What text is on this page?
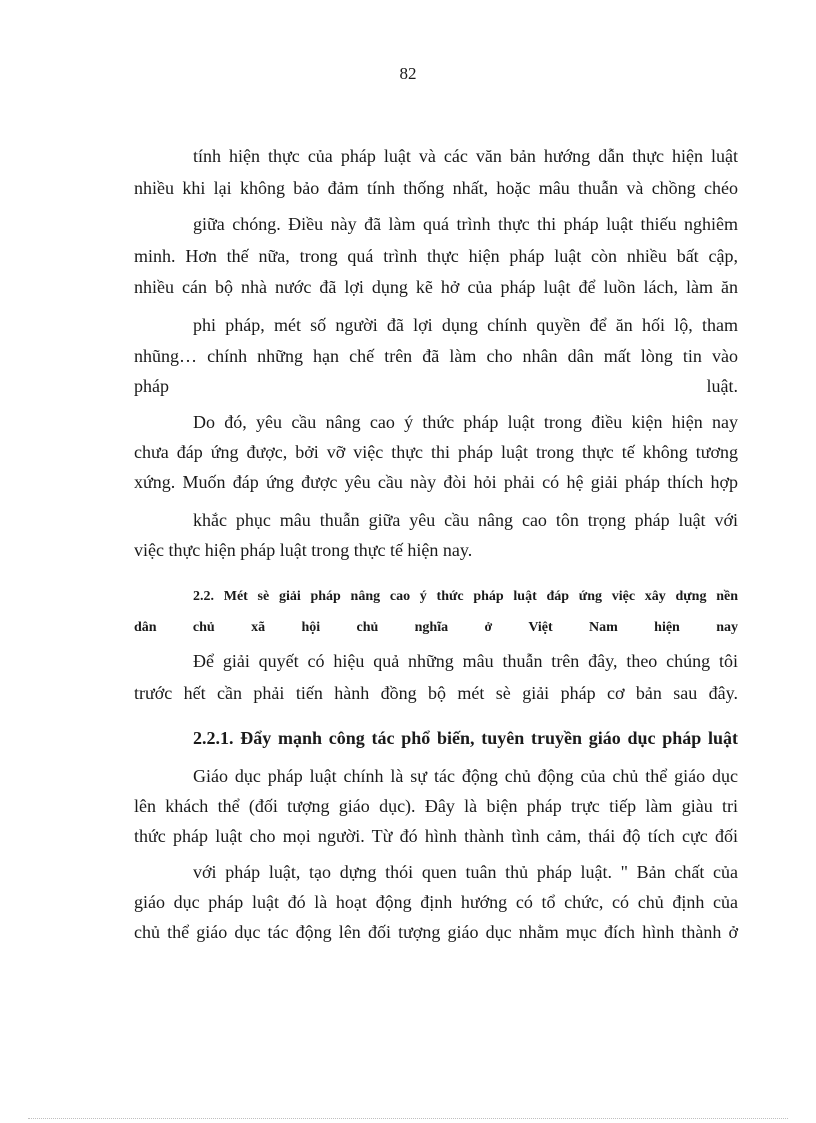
82
tính hiện thực của pháp luật và các văn bản hướng dẫn thực hiện luật
nhiều khi lại không bảo đảm tính thống nhất, hoặc mâu thuẫn và chồng chéo
giữa chóng. Điều này đã làm quá trình thực thi pháp luật thiếu nghiêm
minh. Hơn thế nữa, trong quá trình thực hiện pháp luật còn nhiều bất cập,
nhiều cán bộ nhà nước đã lợi dụng kẽ hở của pháp luật để luồn lách, làm ăn
phi pháp, mét số người đã lợi dụng chính quyền để ăn hối lộ, tham
nhũng… chính những hạn chế trên đã làm cho nhân dân mất lòng tin vào
pháp luật.
Do đó, yêu cầu nâng cao ý thức pháp luật trong điều kiện hiện nay
chưa đáp ứng được, bởi vỡ việc thực thi pháp luật trong thực tế không tương
xứng. Muốn đáp ứng được yêu cầu này đòi hỏi phải có hệ giải pháp thích hợp
khắc phục mâu thuẫn giữa yêu cầu nâng cao tôn trọng pháp luật với
việc thực hiện pháp luật trong thực tế hiện nay.
2.2. Mét sè giải pháp nâng cao ý thức pháp luật đáp ứng việc xây dựng nền
dân chủ xã hội chủ nghĩa ở Việt Nam hiện nay
Để giải quyết có hiệu quả những mâu thuẫn trên đây, theo chúng tôi
trước hết cần phải tiến hành đồng bộ mét sè giải pháp cơ bản sau đây.
2.2.1. Đẩy mạnh công tác phổ biến, tuyên truyền giáo dục pháp luật
Giáo dục pháp luật chính là sự tác động chủ động của chủ thể giáo dục
lên khách thể (đối tượng giáo dục). Đây là biện pháp trực tiếp làm giàu tri
thức pháp luật cho mọi người. Từ đó hình thành tình cảm, thái độ tích cực đối
với pháp luật, tạo dựng thói quen tuân thủ pháp luật. " Bản chất của
giáo dục pháp luật đó là hoạt động định hướng có tổ chức, có chủ định của
chủ thể giáo dục tác động lên đối tượng giáo dục nhằm mục đích hình thành ở
